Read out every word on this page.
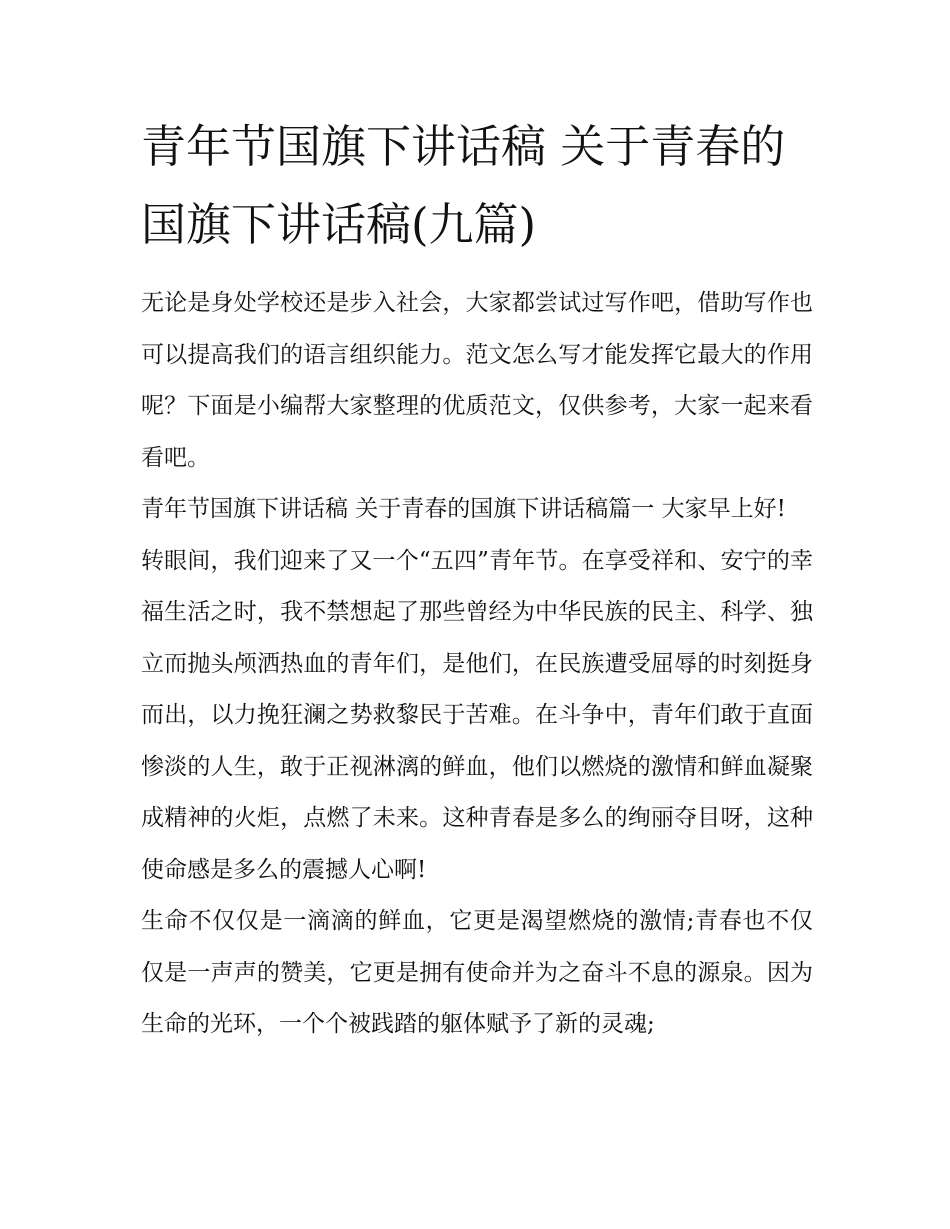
青年节国旗下讲话稿 关于青春的国旗下讲话稿(九篇)

无论是身处学校还是步入社会，大家都尝试过写作吧，借助写作也可以提高我们的语言组织能力。范文怎么写才能发挥它最大的作用呢？下面是小编帮大家整理的优质范文，仅供参考，大家一起来看看吧。

青年节国旗下讲话稿 关于青春的国旗下讲话稿篇一 大家早上好!

转眼间，我们迎来了又一个“五四”青年节。在享受祥和、安宁的幸福生活之时，我不禁想起了那些曾经为中华民族的民主、科学、独立而抛头颅洒热血的青年们，是他们，在民族遭受屈辱的时刻挺身而出，以力挽狂澜之势救黎民于苦难。在斗争中，青年们敢于直面惨淡的人生，敢于正视淋漓的鲜血，他们以燃烧的激情和鲜血凝聚成精神的火炬，点燃了未来。这种青春是多么的绚丽夺目呀，这种使命感是多么的震撼人心啊!

生命不仅仅是一滴滴的鲜血，它更是渴望燃烧的激情;青春也不仅仅是一声声的赞美，它更是拥有使命并为之奋斗不息的源泉。因为生命的光环，一个个被践踏的躯体赋予了新的灵魂;
